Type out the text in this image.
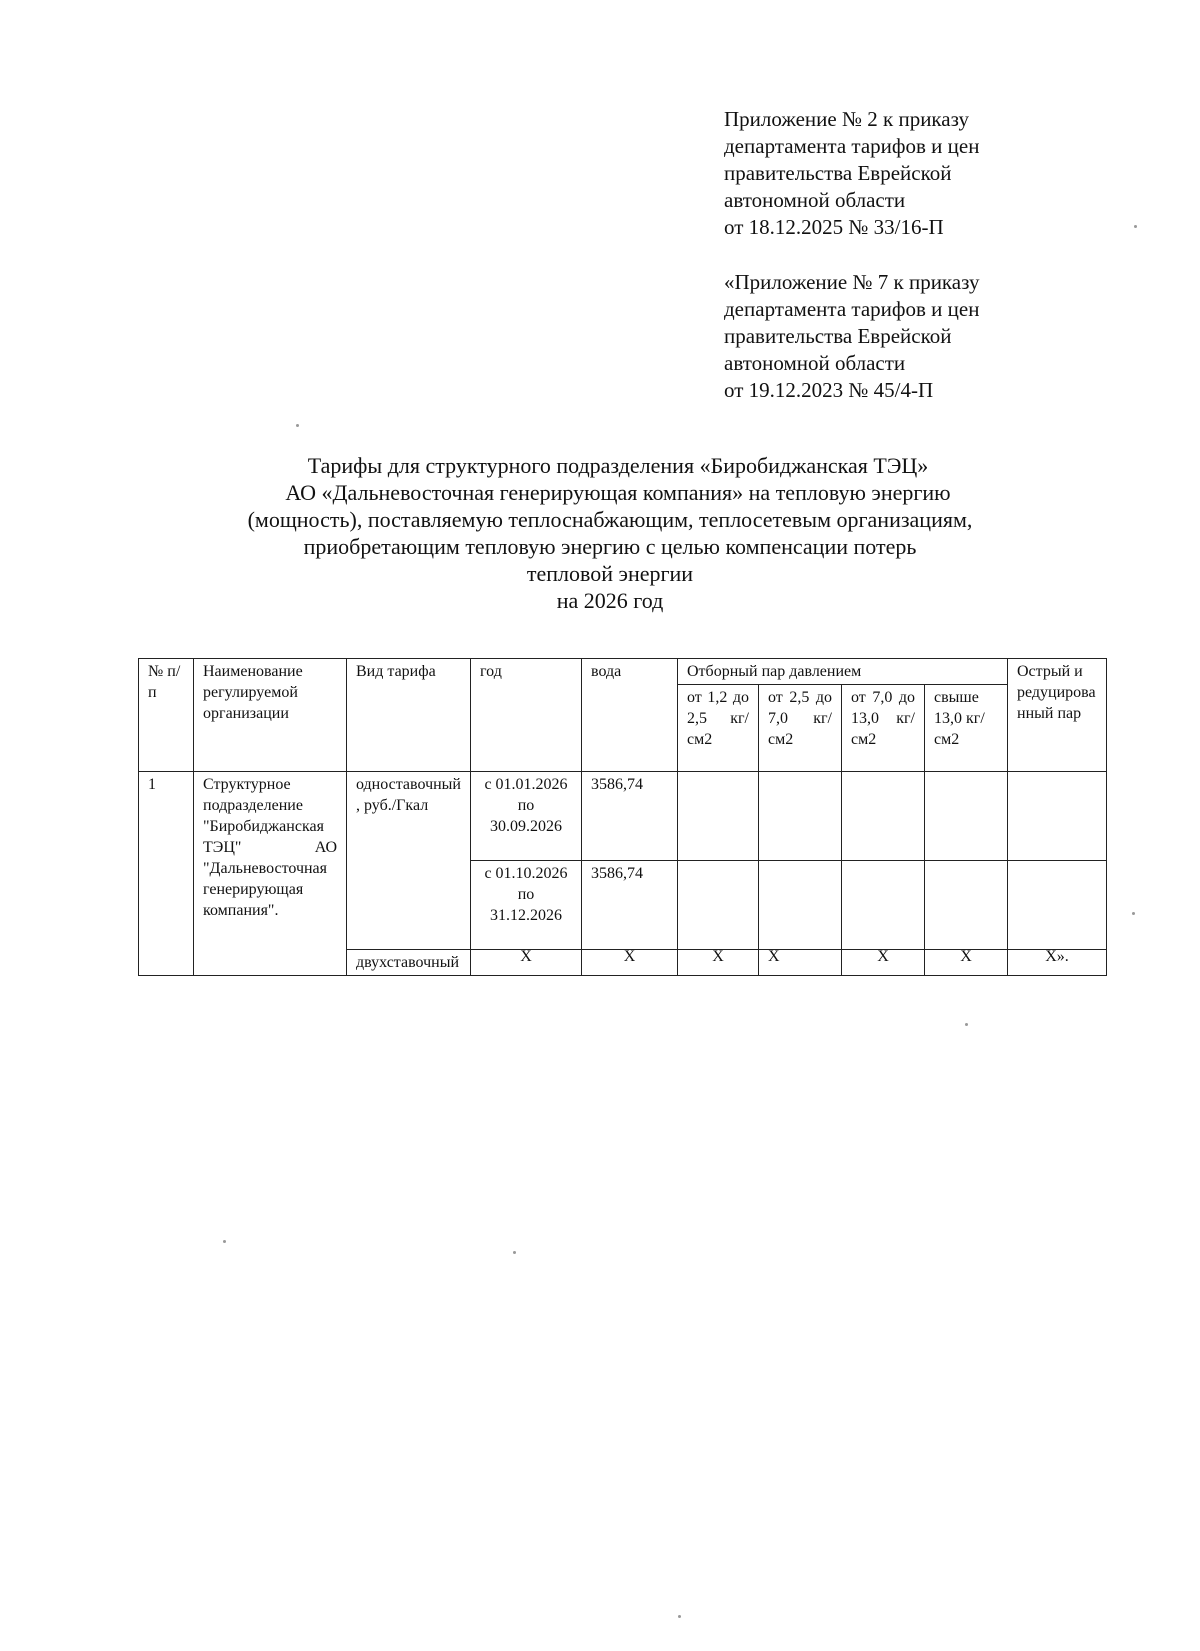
Приложение № 2 к приказу
департамента тарифов и цен
правительства Еврейской
автономной области
от 18.12.2025 № 33/16-П
«Приложение № 7 к приказу
департамента тарифов и цен
правительства Еврейской
автономной области
от 19.12.2023 № 45/4-П
Тарифы для структурного подразделения «Биробиджанская ТЭЦ»
АО «Дальневосточная генерирующая компания» на тепловую энергию
(мощность), поставляемую теплоснабжающим, теплосетевым организациям,
приобретающим тепловую энергию с целью компенсации потерь
тепловой энергии
на 2026 год
№ п/п	Наименование регулируемой организации	Вид тарифа	год	вода	Отборный пар давлением				Острый и редуцированный пар
					от 1,2 до 2,5 кг/см2	от 2,5 до 7,0 кг/см2	от 7,0 до 13,0 кг/см2	свыше 13,0 кг/см2	
1	Структурное подразделение "Биробиджанская ТЭЦ" АО "Дальневосточная генерирующая компания".	одноставочный, руб./Гкал	с 01.01.2026 по 30.09.2026	3586,74					
			с 01.10.2026 по 31.12.2026	3586,74					
		двухставочный	X	X	X	X	X	X	X».
